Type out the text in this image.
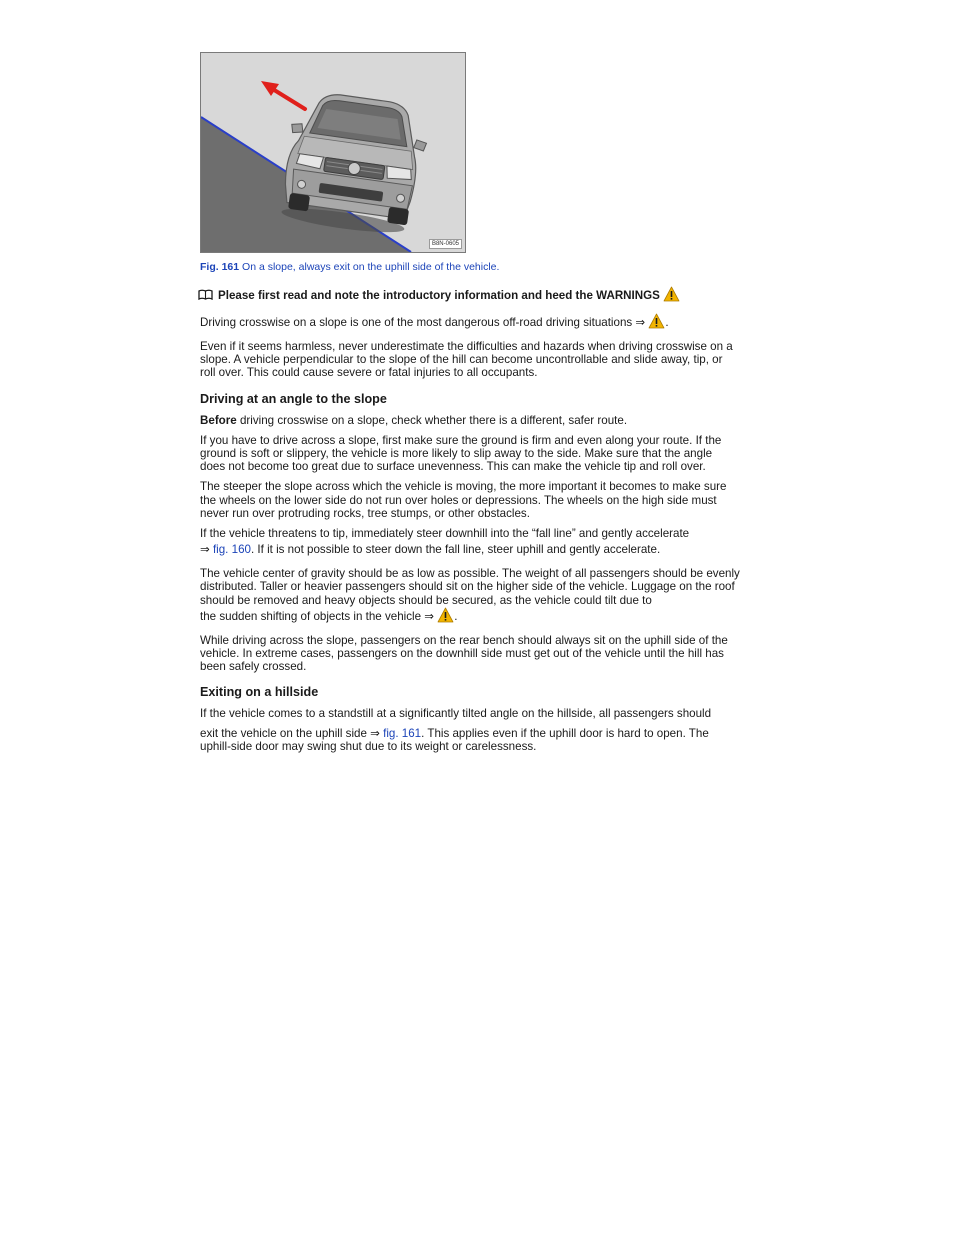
B8N-0605
Fig. 161 On a slope, always exit on the uphill side of the vehicle.
Please first read and note the introductory information and heed the WARNINGS

Driving crosswise on a slope is one of the most dangerous off-road driving situations ⇒ .

Even if it seems harmless, never underestimate the difficulties and hazards when driving crosswise on a slope. A vehicle perpendicular to the slope of the hill can become uncontrollable and slide away, tip, or roll over. This could cause severe or fatal injuries to all occupants.

Driving at an angle to the slope

Before driving crosswise on a slope, check whether there is a different, safer route.

If you have to drive across a slope, first make sure the ground is firm and even along your route. If the ground is soft or slippery, the vehicle is more likely to slip away to the side. Make sure that the angle does not become too great due to surface unevenness. This can make the vehicle tip and roll over.

The steeper the slope across which the vehicle is moving, the more important it becomes to make sure the wheels on the lower side do not run over holes or depressions. The wheels on the high side must never run over protruding rocks, tree stumps, or other obstacles.

If the vehicle threatens to tip, immediately steer downhill into the “fall line” and gently accelerate
⇒ fig. 160. If it is not possible to steer down the fall line, steer uphill and gently accelerate.

The vehicle center of gravity should be as low as possible. The weight of all passengers should be evenly distributed. Taller or heavier passengers should sit on the higher side of the vehicle. Luggage on the roof should be removed and heavy objects should be secured, as the vehicle could tilt due to

the sudden shifting of objects in the vehicle ⇒ .

While driving across the slope, passengers on the rear bench should always sit on the uphill side of the vehicle. In extreme cases, passengers on the downhill side must get out of the vehicle until the hill has been safely crossed.

Exiting on a hillside

If the vehicle comes to a standstill at a significantly tilted angle on the hillside, all passengers should

exit the vehicle on the uphill side ⇒ fig. 161. This applies even if the uphill door is hard to open. The uphill-side door may swing shut due to its weight or carelessness.
